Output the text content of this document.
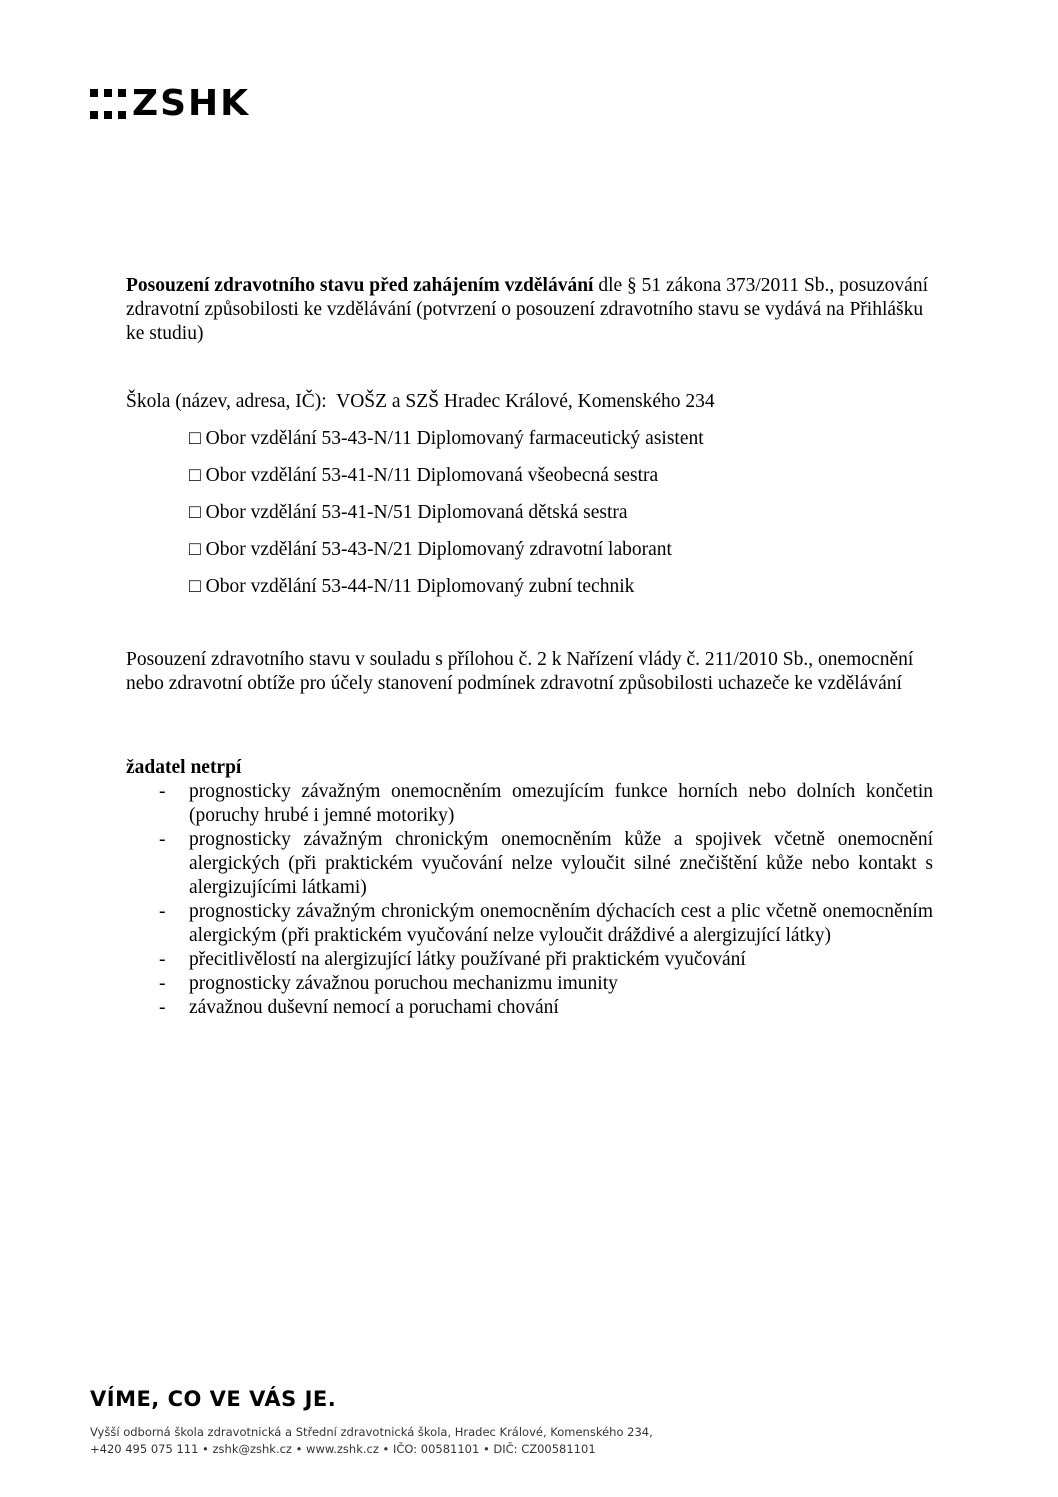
ZSHK

Posouzení zdravotního stavu před zahájením vzdělávání dle § 51 zákona 373/2011 Sb., posuzování zdravotní způsobilosti ke vzdělávání (potvrzení o posouzení zdravotního stavu se vydává na Přihlášku ke studiu)

Škola (název, adresa, IČ): VOŠZ a SZŠ Hradec Králové, Komenského 234

□ Obor vzdělání 53-43-N/11 Diplomovaný farmaceutický asistent
□ Obor vzdělání 53-41-N/11 Diplomovaná všeobecná sestra
□ Obor vzdělání 53-41-N/51 Diplomovaná dětská sestra
□ Obor vzdělání 53-43-N/21 Diplomovaný zdravotní laborant
□ Obor vzdělání 53-44-N/11 Diplomovaný zubní technik

Posouzení zdravotního stavu v souladu s přílohou č. 2 k Nařízení vlády č. 211/2010 Sb., onemocnění nebo zdravotní obtíže pro účely stanovení podmínek zdravotní způsobilosti uchazeče ke vzdělávání

žadatel netrpí

-	prognosticky závažným onemocněním omezujícím funkce horních nebo dolních končetin (poruchy hrubé i jemné motoriky)
-	prognosticky závažným chronickým onemocněním kůže a spojivek včetně onemocnění alergických (při praktickém vyučování nelze vyloučit silné znečištění kůže nebo kontakt s alergizujícími látkami)
-	prognosticky závažným chronickým onemocněním dýchacích cest a plic včetně onemocněním alergickým (při praktickém vyučování nelze vyloučit dráždivé a alergizující látky)
-	přecitlivělostí na alergizující látky používané při praktickém vyučování
-	prognosticky závažnou poruchou mechanizmu imunity
-	závažnou duševní nemocí a poruchami chování
VÍME, CO VE VÁS JE.
Vyšší odborná škola zdravotnická a Střední zdravotnická škola, Hradec Králové, Komenského 234,
+420 495 075 111 • zshk@zshk.cz • www.zshk.cz • IČO: 00581101 • DIČ: CZ00581101
